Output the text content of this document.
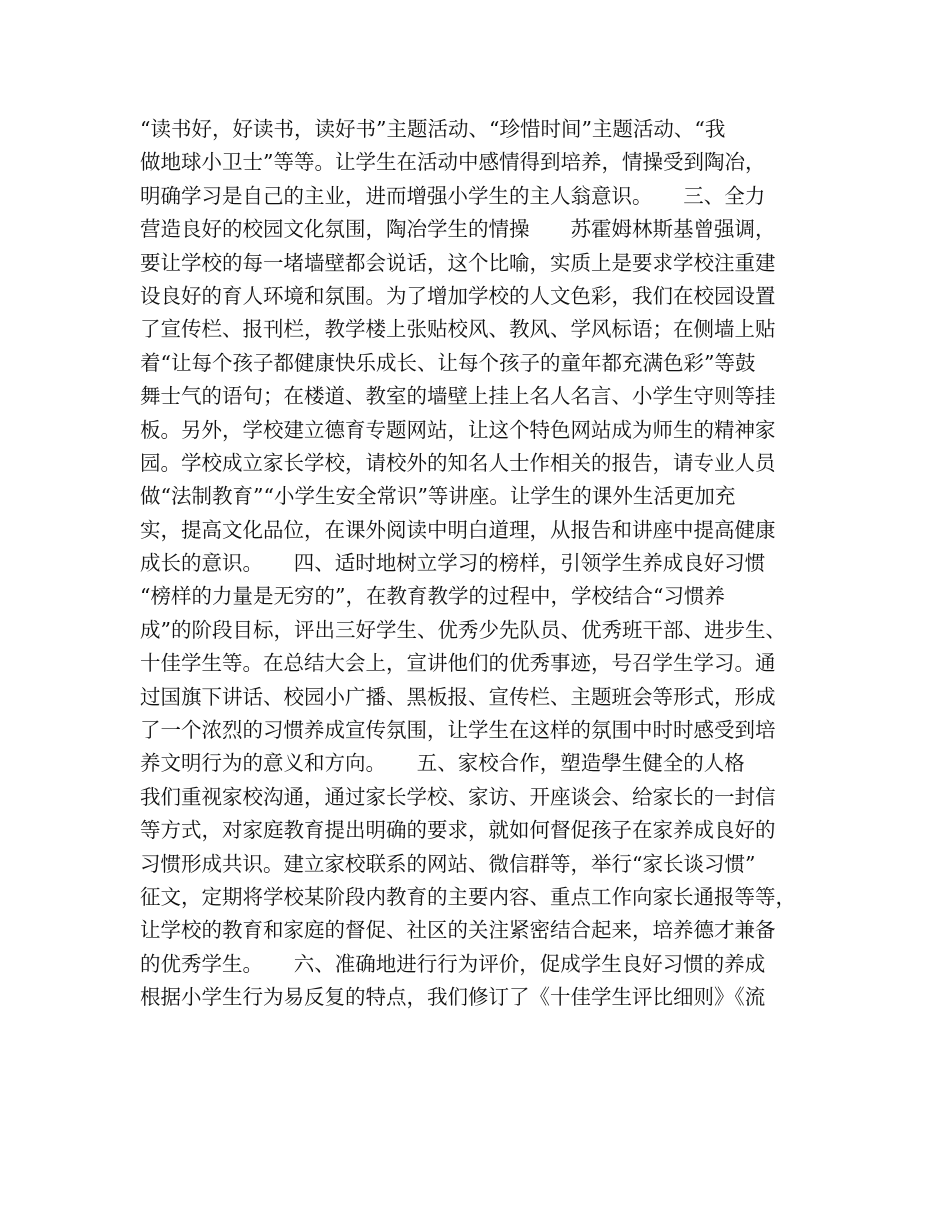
“读书好，好读书，读好书”主题活动、“珍惜时间”主题活动、“我
做地球小卫士”等等。让学生在活动中感情得到培养，情操受到陶冶，
明确学习是自己的主业，进而增强小学生的主人翁意识。　　三、全力
营造良好的校园文化氛围，陶冶学生的情操　　苏霍姆林斯基曾强调，
要让学校的每一堵墙壁都会说话，这个比喻，实质上是要求学校注重建
设良好的育人环境和氛围。为了增加学校的人文色彩，我们在校园设置
了宣传栏、报刊栏，教学楼上张贴校风、教风、学风标语；在侧墙上贴
着“让每个孩子都健康快乐成长、让每个孩子的童年都充满色彩”等鼓
舞士气的语句；在楼道、教室的墙壁上挂上名人名言、小学生守则等挂
板。另外，学校建立德育专题网站，让这个特色网站成为师生的精神家
园。学校成立家长学校，请校外的知名人士作相关的报告，请专业人员
做“法制教育”“小学生安全常识”等讲座。让学生的课外生活更加充
实，提高文化品位，在课外阅读中明白道理，从报告和讲座中提高健康
成长的意识。　　四、适时地树立学习的榜样，引领学生养成良好习惯
“榜样的力量是无穷的”，在教育教学的过程中，学校结合“习惯养
成”的阶段目标，评出三好学生、优秀少先队员、优秀班干部、进步生、
十佳学生等。在总结大会上，宣讲他们的优秀事迹，号召学生学习。通
过国旗下讲话、校园小广播、黑板报、宣传栏、主题班会等形式，形成
了一个浓烈的习惯养成宣传氛围，让学生在这样的氛围中时时感受到培
养文明行为的意义和方向。　　五、家校合作，塑造學生健全的人格
我们重视家校沟通，通过家长学校、家访、开座谈会、给家长的一封信
等方式，对家庭教育提出明确的要求，就如何督促孩子在家养成良好的
习惯形成共识。建立家校联系的网站、微信群等，举行“家长谈习惯”
征文，定期将学校某阶段内教育的主要内容、重点工作向家长通报等等，
让学校的教育和家庭的督促、社区的关注紧密结合起来，培养德才兼备
的优秀学生。　　六、准确地进行行为评价，促成学生良好习惯的养成
根据小学生行为易反复的特点，我们修订了《十佳学生评比细则》《流
